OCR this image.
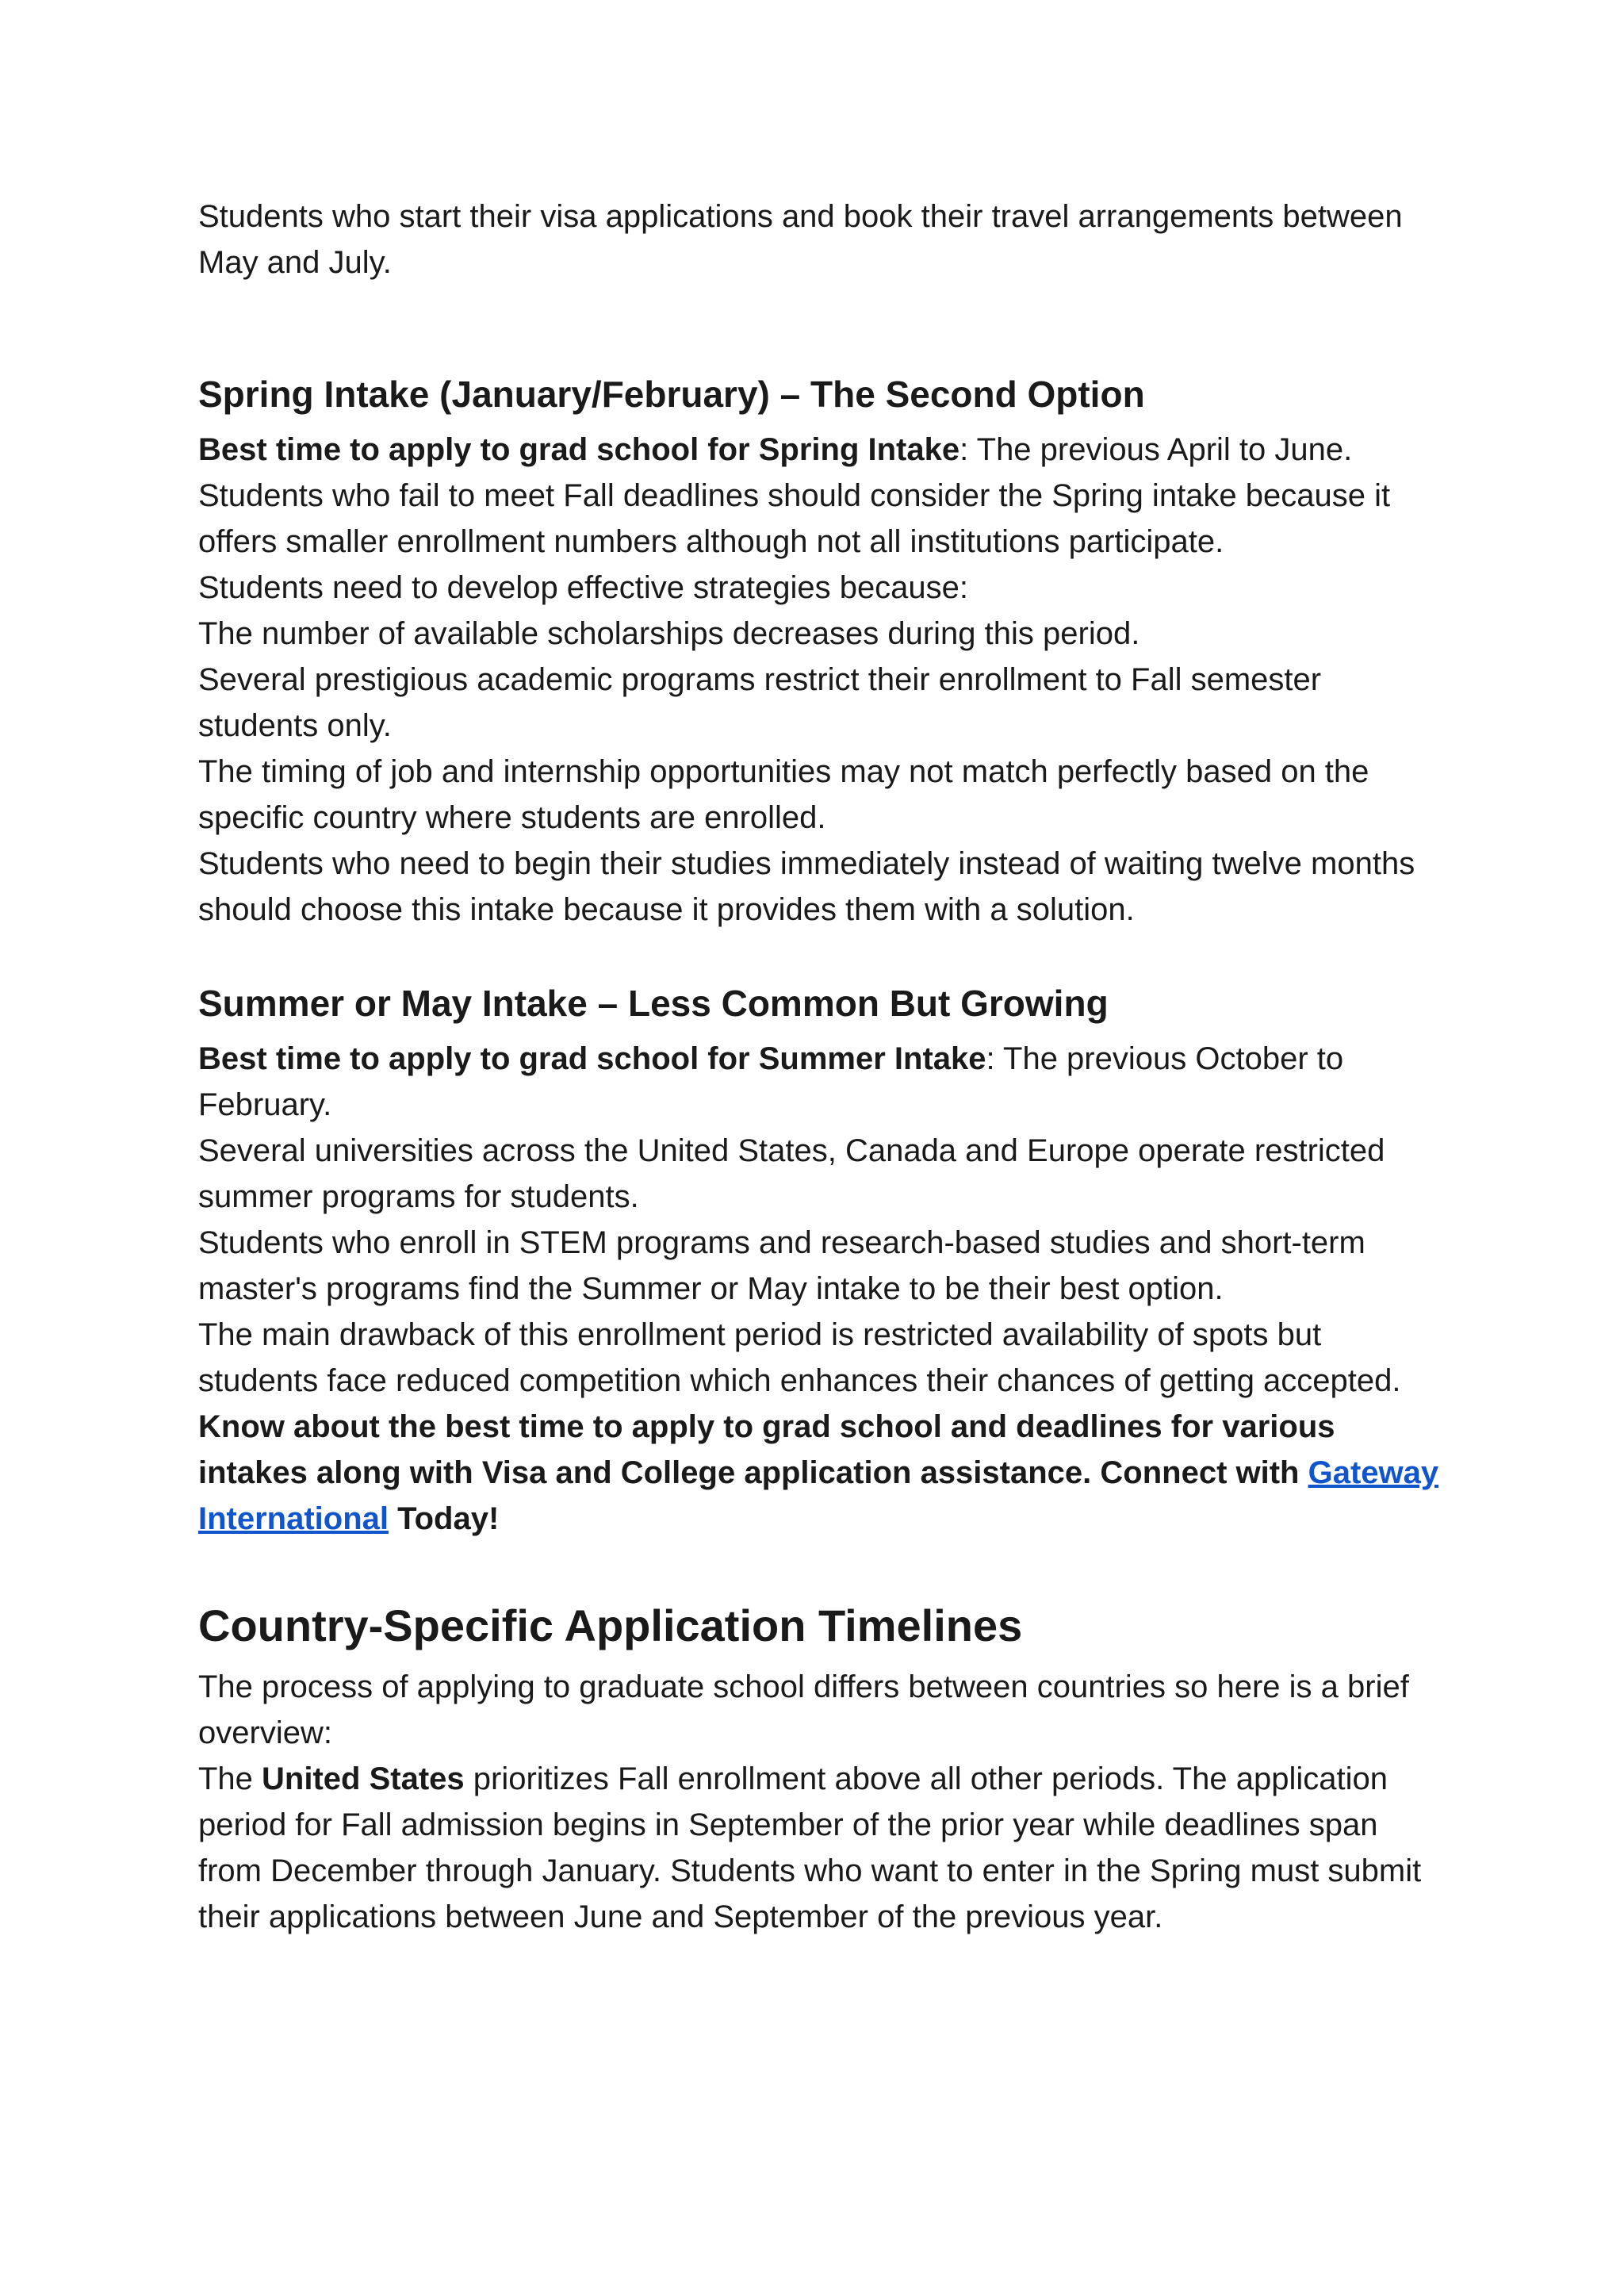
Students who start their visa applications and book their travel arrangements between May and July.

Spring Intake (January/February) – The Second Option

Best time to apply to grad school for Spring Intake: The previous April to June.

Students who fail to meet Fall deadlines should consider the Spring intake because it offers smaller enrollment numbers although not all institutions participate.

Students need to develop effective strategies because:

The number of available scholarships decreases during this period.

Several prestigious academic programs restrict their enrollment to Fall semester students only.

The timing of job and internship opportunities may not match perfectly based on the specific country where students are enrolled.

Students who need to begin their studies immediately instead of waiting twelve months should choose this intake because it provides them with a solution.

Summer or May Intake – Less Common But Growing

Best time to apply to grad school for Summer Intake: The previous October to February.

Several universities across the United States, Canada and Europe operate restricted summer programs for students.

Students who enroll in STEM programs and research-based studies and short-term master's programs find the Summer or May intake to be their best option.

The main drawback of this enrollment period is restricted availability of spots but students face reduced competition which enhances their chances of getting accepted.

Know about the best time to apply to grad school and deadlines for various intakes along with Visa and College application assistance. Connect with Gateway International Today!

Country-Specific Application Timelines

The process of applying to graduate school differs between countries so here is a brief overview:

The United States prioritizes Fall enrollment above all other periods. The application period for Fall admission begins in September of the prior year while deadlines span from December through January. Students who want to enter in the Spring must submit their applications between June and September of the previous year.
